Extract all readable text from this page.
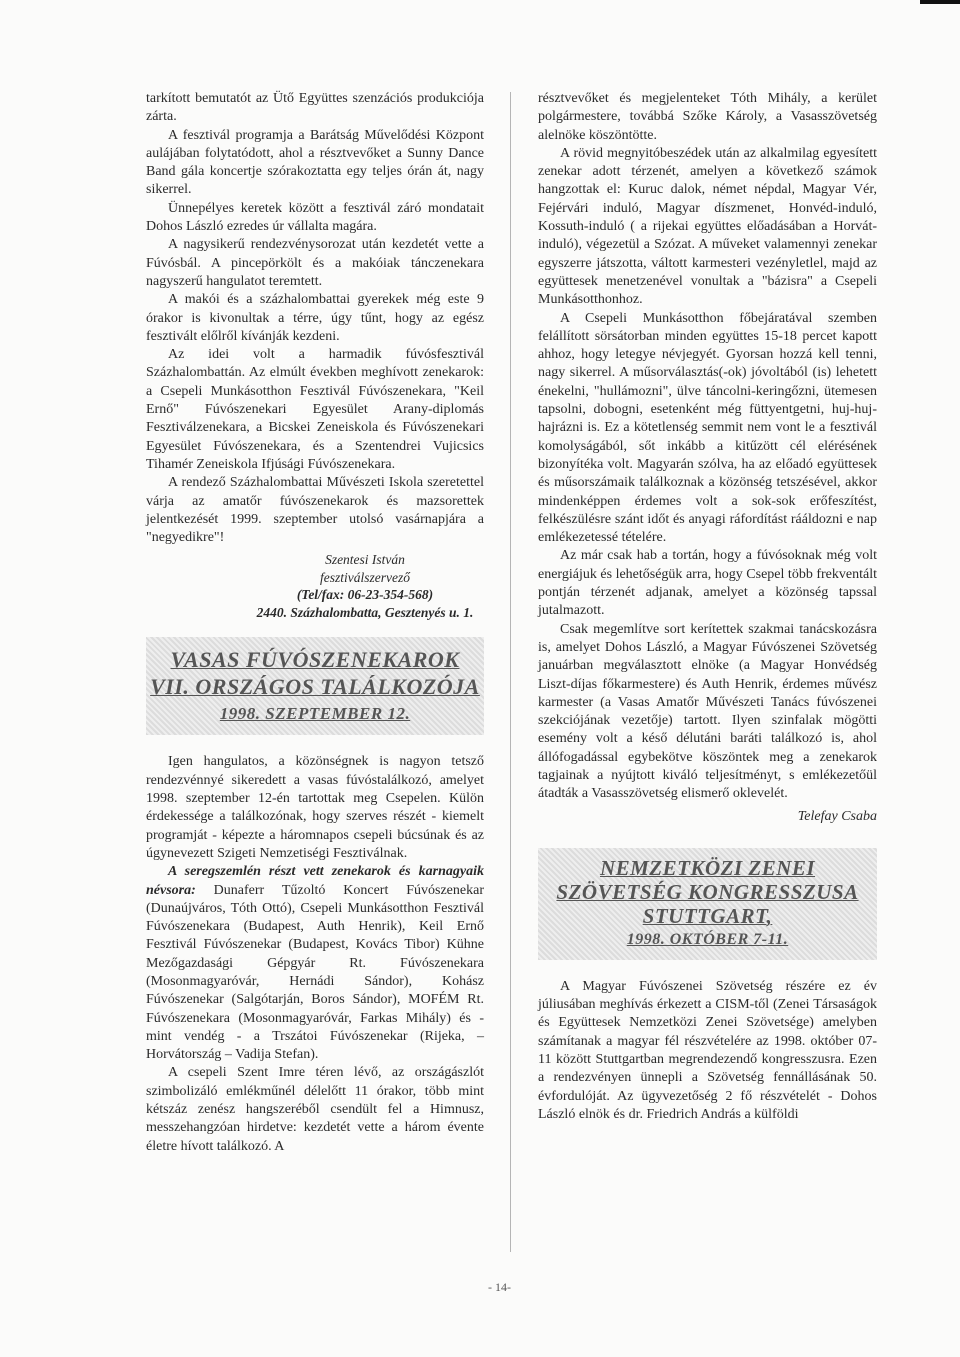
tarkított bemutatót az Ütő Együttes szenzációs produkciója zárta.

A fesztivál programja a Barátság Művelődési Központ aulájában folytatódott, ahol a résztvevőket a Sunny Dance Band gála koncertje szórakoztatta egy teljes órán át, nagy sikerrel.

Ünnepélyes keretek között a fesztivál záró mondatait Dohos László ezredes úr vállalta magára.

A nagysikerű rendezvénysorozat után kezdetét vette a Fúvósbál. A pincepörkölt és a makóiak tánczenekara nagyszerű hangulatot teremtett.

A makói és a százhalombattai gyerekek még este 9 órakor is kivonultak a térre, úgy tűnt, hogy az egész fesztivált előlről kívánják kezdeni.

Az idei volt a harmadik fúvósfesztivál Százhalombattán. Az elmúlt években meghívott zenekarok: a Csepeli Munkásotthon Fesztivál Fúvószenekara, "Keil Ernő" Fúvószenekari Egyesület Arany-diplomás Fesztiválzenekara, a Bicskei Zeneiskola és Fúvószenekari Egyesület Fúvószenekara, és a Szentendrei Vujicsics Tihamér Zeneiskola Ifjúsági Fúvószenekara.

A rendező Százhalombattai Művészeti Iskola szeretettel várja az amatőr fúvószenekarok és mazsorettek jelentkezését 1999. szeptember utolsó vasárnapjára a "negyedikre"!

Szentesi István
fesztiválszervező
(Tel/fax: 06-23-354-568)
2440. Százhalombatta, Gesztenyés u. 1.
VASAS FÚVÓSZENEKAROK
VII. ORSZÁGOS TALÁLKOZÓJA
1998. SZEPTEMBER 12.

Igen hangulatos, a közönségnek is nagyon tetsző rendezvénnyé sikeredett a vasas fúvóstalálkozó, amelyet 1998. szeptember 12-én tartottak meg Csepelen. Külön érdekessége a találkozónak, hogy szerves részét - kiemelt programját - képezte a háromnapos csepeli búcsúnak és az úgynevezett Szigeti Nemzetiségi Fesztiválnak.

A seregszemlén részt vett zenekarok és karnagyaik névsora: Dunaferr Tűzoltó Koncert Fúvószenekar (Dunaújváros, Tóth Ottó), Csepeli Munkásotthon Fesztivál Fúvószenekara (Budapest, Auth Henrik), Keil Ernő Fesztivál Fúvószenekar (Budapest, Kovács Tibor) Kühne Mezőgazdasági Gépgyár Rt. Fúvószenekara (Mosonmagyaróvár, Hernádi Sándor), Kohász Fúvószenekar (Salgótarján, Boros Sándor), MOFÉM Rt. Fúvószenekara (Mosonmagyaróvár, Farkas Mihály) és - mint vendég - a Trszátoi Fúvószenekar (Rijeka, – Horvátország – Vadija Stefan).

A csepeli Szent Imre téren lévő, az országászlót szimbolizáló emlékműnél délelőtt 11 órakor, több mint kétszáz zenész hangszeréből csendült fel a Himnusz, messzehangzóan hirdetve: kezdetét vette a három évente életre hívott találkozó. A

résztvevőket és megjelenteket Tóth Mihály, a kerület polgármestere, továbbá Szőke Károly, a Vasasszövetség alelnöke köszöntötte.

A rövid megnyitóbeszédek után az alkalmilag egyesített zenekar adott térzenét, amelyen a következő számok hangzottak el: Kuruc dalok, német népdal, Magyar Vér, Fejérvári induló, Magyar díszmenet, Honvéd-induló, Kossuth-induló ( a rijekai együttes előadásában a Horvát-induló), végezetül a Szózat. A műveket valamennyi zenekar egyszerre játszotta, váltott karmesteri vezényletlel, majd az együttesek menetzenével vonultak a "bázisra" a Csepeli Munkásotthonhoz.

A Csepeli Munkásotthon főbejáratával szemben felállított sörsátorban minden együttes 15-18 percet kapott ahhoz, hogy letegye névjegyét. Gyorsan hozzá kell tenni, nagy sikerrel. A műsorválasztás(-ok) jóvoltából (is) lehetett énekelni, "hullámozni", ülve táncolni-keringőzni, ütemesen tapsolni, dobogni, esetenként még füttyentgetni, huj-huj-hajrázni is. Ez a kötetlenség semmit nem vont le a fesztivál komolyságából, sőt inkább a kitűzött cél elérésének bizonyítéka volt. Magyarán szólva, ha az előadó együttesek és műsorszámaik találkoznak a közönség tetszésével, akkor mindenképpen érdemes volt a sok-sok erőfeszítést, felkészülésre szánt időt és anyagi ráfordítást rááldozni e nap emlékezetessé tételére.

Az már csak hab a tortán, hogy a fúvósoknak még volt energiájuk és lehetőségük arra, hogy Csepel több frekventált pontján térzenét adjanak, amelyet a közönség tapssal jutalmazott.

Csak megemlítve sort kerítettek szakmai tanácskozásra is, amelyet Dohos László, a Magyar Fúvószenei Szövetség januárban megválasztott elnöke (a Magyar Honvédség Liszt-díjas főkarmestere) és Auth Henrik, érdemes művész karmester (a Vasas Amatőr Művészeti Tanács fúvószenei szekciójának vezetője) tartott. Ilyen szinfalak mögötti esemény volt a késő délutáni baráti találkozó is, ahol állófogadással egybekötve köszöntek meg a zenekarok tagjainak a nyújtott kiváló teljesítményt, s emlékezetőül átadták a Vasasszövetség elismerő oklevelét.

Telefay Csaba
NEMZETKÖZI ZENEI
SZÖVETSÉG KONGRESSZUSA
STUTTGART,
1998. OKTÓBER 7-11.

A Magyar Fúvószenei Szövetség részére ez év júliusában meghívás érkezett a CISM-től (Zenei Társaságok és Együttesek Nemzetközi Zenei Szövetsége) amelyben számítanak a magyar fél részvételére az 1998. október 07-11 között Stuttgartban megrendezendő kongresszusra. Ezen a rendezvényen ünnepli a Szövetség fennállásának 50. évfordulóját. Az ügyvezetőség 2 fő részvételét - Dohos László elnök és dr. Friedrich András a külföldi

- 14-
